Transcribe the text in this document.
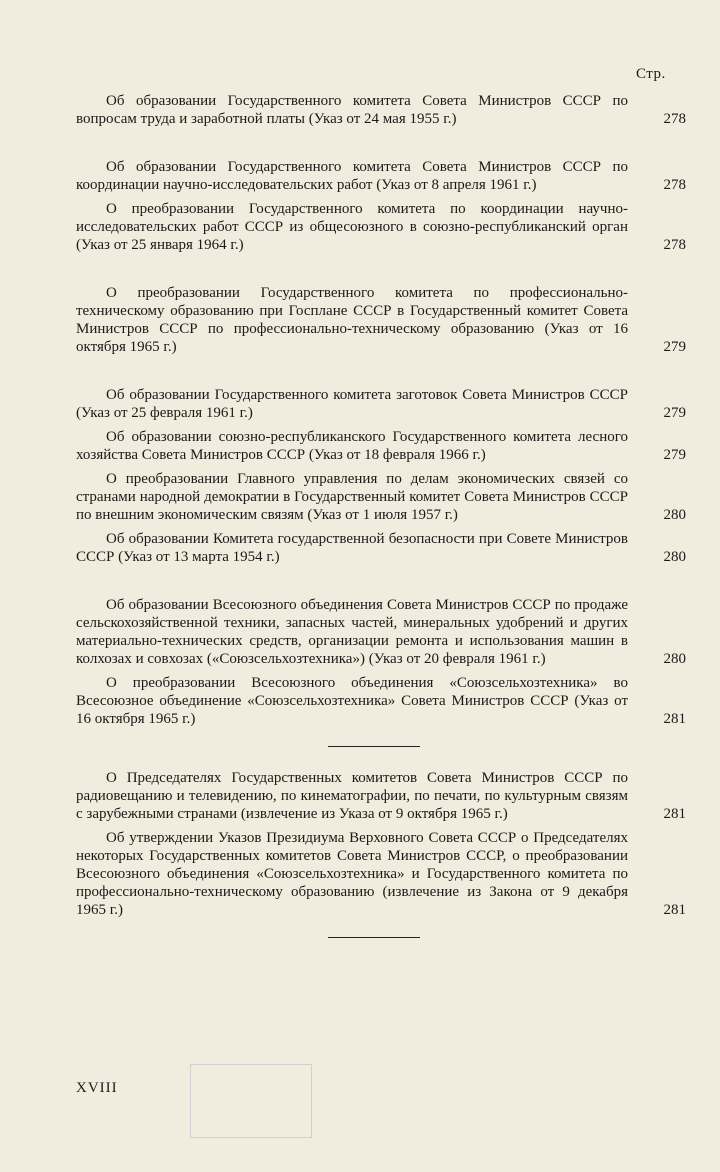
Стр.
Об образовании Государственного комитета Совета Министров СССР по вопросам труда и заработной платы (Указ от 24 мая 1955 г.)	278
Об образовании Государственного комитета Совета Министров СССР по координации научно-исследовательских работ (Указ от 8 апреля 1961 г.)	278
О преобразовании Государственного комитета по координации научно-исследовательских работ СССР из общесоюзного в союзно-республиканский орган (Указ от 25 января 1964 г.)	278
О преобразовании Государственного комитета по профессионально-техническому образованию при Госплане СССР в Государственный комитет Совета Министров СССР по профессионально-техническому образованию (Указ от 16 октября 1965 г.)	279
Об образовании Государственного комитета заготовок Совета Министров СССР (Указ от 25 февраля 1961 г.)	279
Об образовании союзно-республиканского Государственного комитета лесного хозяйства Совета Министров СССР (Указ от 18 февраля 1966 г.)	279
О преобразовании Главного управления по делам экономических связей со странами народной демократии в Государственный комитет Совета Министров СССР по внешним экономическим связям (Указ от 1 июля 1957 г.)	280
Об образовании Комитета государственной безопасности при Совете Министров СССР (Указ от 13 марта 1954 г.)	280
Об образовании Всесоюзного объединения Совета Министров СССР по продаже сельскохозяйственной техники, запасных частей, минеральных удобрений и других материально-технических средств, организации ремонта и использования машин в колхозах и совхозах («Союзсельхозтехника») (Указ от 20 февраля 1961 г.)	280
О преобразовании Всесоюзного объединения «Союзсельхозтехника» во Всесоюзное объединение «Союзсельхозтехника» Совета Министров СССР (Указ от 16 октября 1965 г.)	281
О Председателях Государственных комитетов Совета Министров СССР по радиовещанию и телевидению, по кинематографии, по печати, по культурным связям с зарубежными странами (извлечение из Указа от 9 октября 1965 г.)	281
Об утверждении Указов Президиума Верховного Совета СССР о Председателях некоторых Государственных комитетов Совета Министров СССР, о преобразовании Всесоюзного объединения «Союзсельхозтехника» и Государственного комитета по профессионально-техническому образованию (извлечение из Закона от 9 декабря 1965 г.)	281
XVIII
